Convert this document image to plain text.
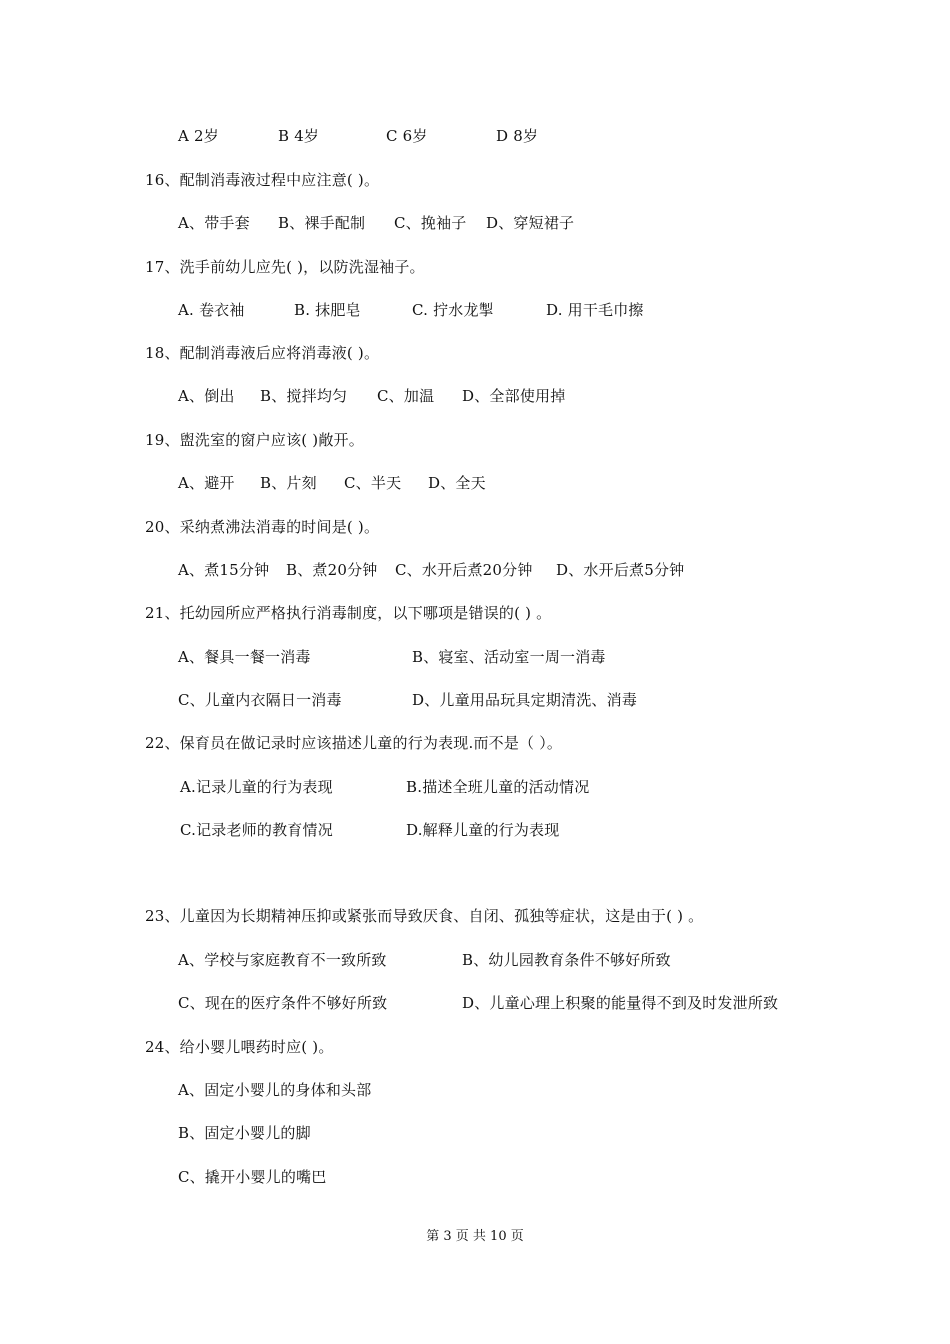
A 2岁	B 4岁	C 6岁	D 8岁
16、配制消毒液过程中应注意( )。
A、带手套 B、裸手配制 C、挽袖子 D、穿短裙子
17、洗手前幼儿应先( )，以防洗湿袖子。
A. 卷衣袖	B. 抹肥皂	C. 拧水龙掣	D. 用干毛巾擦
18、配制消毒液后应将消毒液( )。
A、倒出 B、搅拌均匀 C、加温 D、全部使用掉
19、盥洗室的窗户应该( )敞开。
A、避开 B、片刻 C、半天 D、全天
20、采纳煮沸法消毒的时间是( )。
A、煮15分钟 B、煮20分钟 C、水开后煮20分钟 D、水开后煮5分钟
21、托幼园所应严格执行消毒制度，以下哪项是错误的( ) 。
A、餐具一餐一消毒	B、寝室、活动室一周一消毒
C、儿童内衣隔日一消毒	D、儿童用品玩具定期清洗、消毒
22、保育员在做记录时应该描述儿童的行为表现.而不是（ ）。
A.记录儿童的行为表现	B.描述全班儿童的活动情况
C.记录老师的教育情况	D.解释儿童的行为表现
23、儿童因为长期精神压抑或紧张而导致厌食、自闭、孤独等症状，这是由于( ) 。
A、学校与家庭教育不一致所致	B、幼儿园教育条件不够好所致
C、现在的医疗条件不够好所致	D、儿童心理上积聚的能量得不到及时发泄所致
24、给小婴儿喂药时应( )。
A、固定小婴儿的身体和头部
B、固定小婴儿的脚
C、撬开小婴儿的嘴巴
第 3 页 共 10 页
